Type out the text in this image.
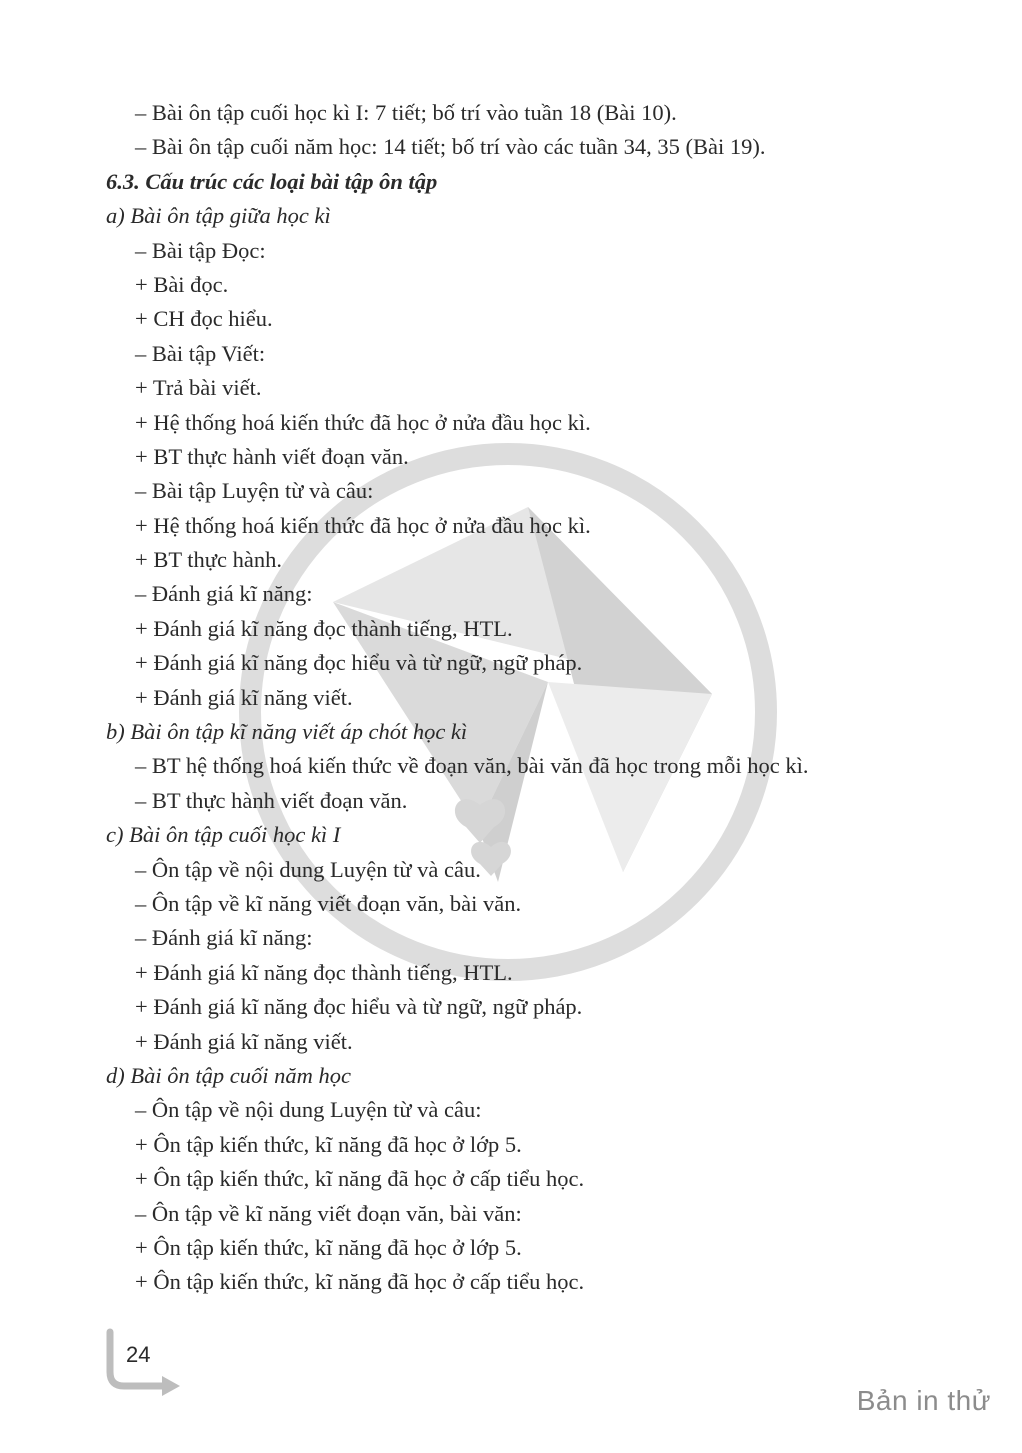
– Bài ôn tập cuối học kì I: 7 tiết; bố trí vào tuần 18 (Bài 10).
– Bài ôn tập cuối năm học: 14 tiết; bố trí vào các tuần 34, 35 (Bài 19).
6.3. Cấu trúc các loại bài tập ôn tập
a) Bài ôn tập giữa học kì
– Bài tập Đọc:
+ Bài đọc.
+ CH đọc hiểu.
– Bài tập Viết:
+ Trả bài viết.
+ Hệ thống hoá kiến thức đã học ở nửa đầu học kì.
+ BT thực hành viết đoạn văn.
– Bài tập Luyện từ và câu:
+ Hệ thống hoá kiến thức đã học ở nửa đầu học kì.
+ BT thực hành.
– Đánh giá kĩ năng:
+ Đánh giá kĩ năng đọc thành tiếng, HTL.
+ Đánh giá kĩ năng đọc hiểu và từ ngữ, ngữ pháp.
+ Đánh giá kĩ năng viết.
b) Bài ôn tập kĩ năng viết áp chót học kì
– BT hệ thống hoá kiến thức về đoạn văn, bài văn đã học trong mỗi học kì.
– BT thực hành viết đoạn văn.
c) Bài ôn tập cuối học kì I
– Ôn tập về nội dung Luyện từ và câu.
– Ôn tập về kĩ năng viết đoạn văn, bài văn.
– Đánh giá kĩ năng:
+ Đánh giá kĩ năng đọc thành tiếng, HTL.
+ Đánh giá kĩ năng đọc hiểu và từ ngữ, ngữ pháp.
+ Đánh giá kĩ năng viết.
d) Bài ôn tập cuối năm học
– Ôn tập về nội dung Luyện từ và câu:
+ Ôn tập kiến thức, kĩ năng đã học ở lớp 5.
+ Ôn tập kiến thức, kĩ năng đã học ở cấp tiểu học.
– Ôn tập về kĩ năng viết đoạn văn, bài văn:
+ Ôn tập kiến thức, kĩ năng đã học ở lớp 5.
+ Ôn tập kiến thức, kĩ năng đã học ở cấp tiểu học.
24
Bản in thử
